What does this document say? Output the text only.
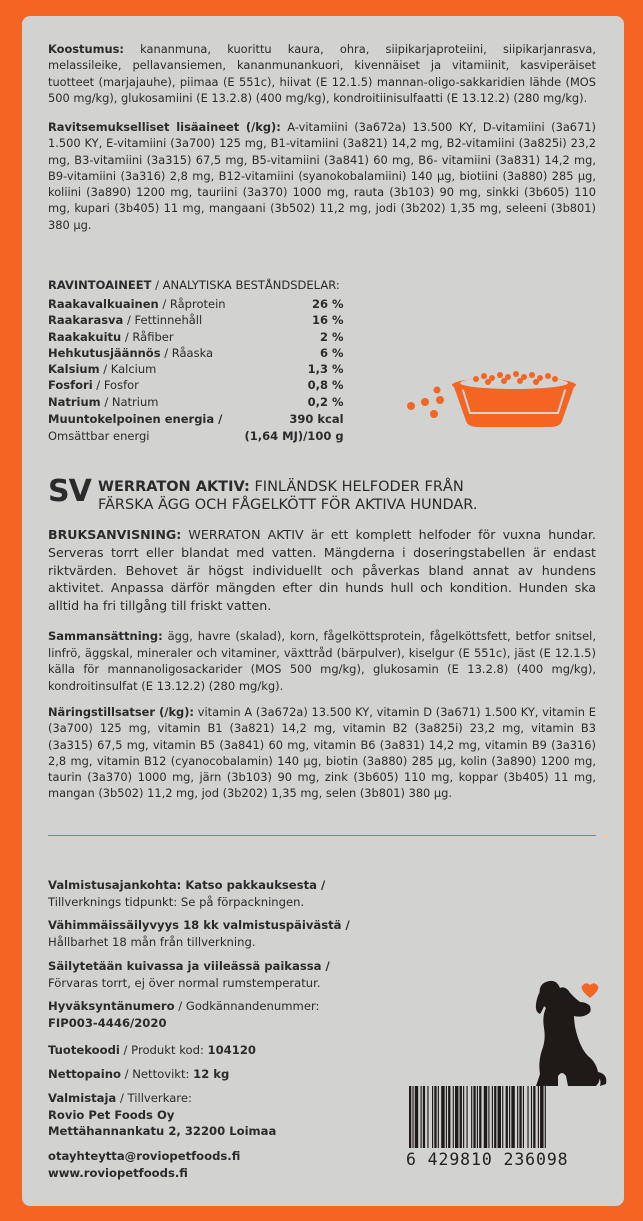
Koostumus: kananmuna, kuorittu kaura, ohra, siipikarjaproteiini, siipikarjanrasva, melassileike, pellavansiemen, kananmunankuori, kivennäiset ja vitamiinit, kasviperäiset tuotteet (marjajauhe), piimaa (E 551c), hiivat (E 12.1.5) mannan-oligo-sakkaridien lähde (MOS 500 mg/kg), glukosamiini (E 13.2.8) (400 mg/kg), kondroitiinisulfaatti (E 13.12.2) (280 mg/kg).
Ravitsemukselliset lisäaineet (/kg): A-vitamiini (3a672a) 13.500 KY, D-vitamiini (3a671) 1.500 KY, E-vitamiini (3a700) 125 mg, B1-vitamiini (3a821) 14,2 mg, B2-vitamiini (3a825i) 23,2 mg, B3-vitamiini (3a315) 67,5 mg, B5-vitamiini (3a841) 60 mg, B6- vitamiini (3a831) 14,2 mg, B9-vitamiini (3a316) 2,8 mg, B12-vitamiini (syanokobalamiini) 140 µg, biotiini (3a880) 285 µg, koliini (3a890) 1200 mg, tauriini (3a370) 1000 mg, rauta (3b103) 90 mg, sinkki (3b605) 110 mg, kupari (3b405) 11 mg, mangaani (3b502) 11,2 mg, jodi (3b202) 1,35 mg, seleeni (3b801) 380 µg.
RAVINTOAINEET / ANALYTISKA BESTÅNDSDELAR:
Raakavalkuainen / Råprotein	26 %
Raakarasva / Fettinnehåll	16 %
Raakakuitu / Råfiber	2 %
Hehkutusjäännös / Råaska	6 %
Kalsium / Kalcium	1,3 %
Fosfori / Fosfor	0,8 %
Natrium / Natrium	0,2 %
Muuntokelpoinen energia /	390 kcal
Omsättbar energi	(1,64 MJ)/100 g
SV WERRATON AKTIV: FINLÄNDSK HELFODER FRÅN
FÄRSKA ÄGG OCH FÅGELKÖTT FÖR AKTIVA HUNDAR.
BRUKSANVISNING: WERRATON AKTIV är ett komplett helfoder för vuxna hundar. Serveras torrt eller blandat med vatten. Mängderna i doseringstabellen är endast riktvärden. Behovet är högst individuellt och påverkas bland annat av hundens aktivitet. Anpassa därför mängden efter din hunds hull och kondition. Hunden ska alltid ha fri tillgång till friskt vatten.
Sammansättning: ägg, havre (skalad), korn, fågelköttsprotein, fågelköttsfett, betfor snitsel, linfrö, äggskal, mineraler och vitaminer, växttråd (bärpulver), kiselgur (E 551c), jäst (E 12.1.5) källa för mannanoligosackarider (MOS 500 mg/kg), glukosamin (E 13.2.8) (400 mg/kg), kondroitinsulfat (E 13.12.2) (280 mg/kg).
Näringstillsatser (/kg): vitamin A (3a672a) 13.500 KY, vitamin D (3a671) 1.500 KY, vitamin E (3a700) 125 mg, vitamin B1 (3a821) 14,2 mg, vitamin B2 (3a825i) 23,2 mg, vitamin B3 (3a315) 67,5 mg, vitamin B5 (3a841) 60 mg, vitamin B6 (3a831) 14,2 mg, vitamin B9 (3a316) 2,8 mg, vitamin B12 (cyanocobalamin) 140 µg, biotin (3a880) 285 µg, kolin (3a890) 1200 mg, taurin (3a370) 1000 mg, järn (3b103) 90 mg, zink (3b605) 110 mg, koppar (3b405) 11 mg, mangan (3b502) 11,2 mg, jod (3b202) 1,35 mg, selen (3b801) 380 µg.
Valmistusajankohta: Katso pakkauksesta /
Tillverknings tidpunkt: Se på förpackningen.
Vähimmäissäilyvyys 18 kk valmistuspäivästä /
Hållbarhet 18 mån från tillverkning.
Säilytetään kuivassa ja viileässä paikassa /
Förvaras torrt, ej över normal rumstemperatur.
Hyväksyntänumero / Godkännandenummer:
FIP003-4446/2020
Tuotekoodi / Produkt kod: 104120
Nettopaino / Nettovikt: 12 kg
Valmistaja / Tillverkare:
Rovio Pet Foods Oy
Mettähannankatu 2, 32200 Loimaa
otayhteytta@roviopetfoods.fi
www.roviopetfoods.fi
6 429810 236098
